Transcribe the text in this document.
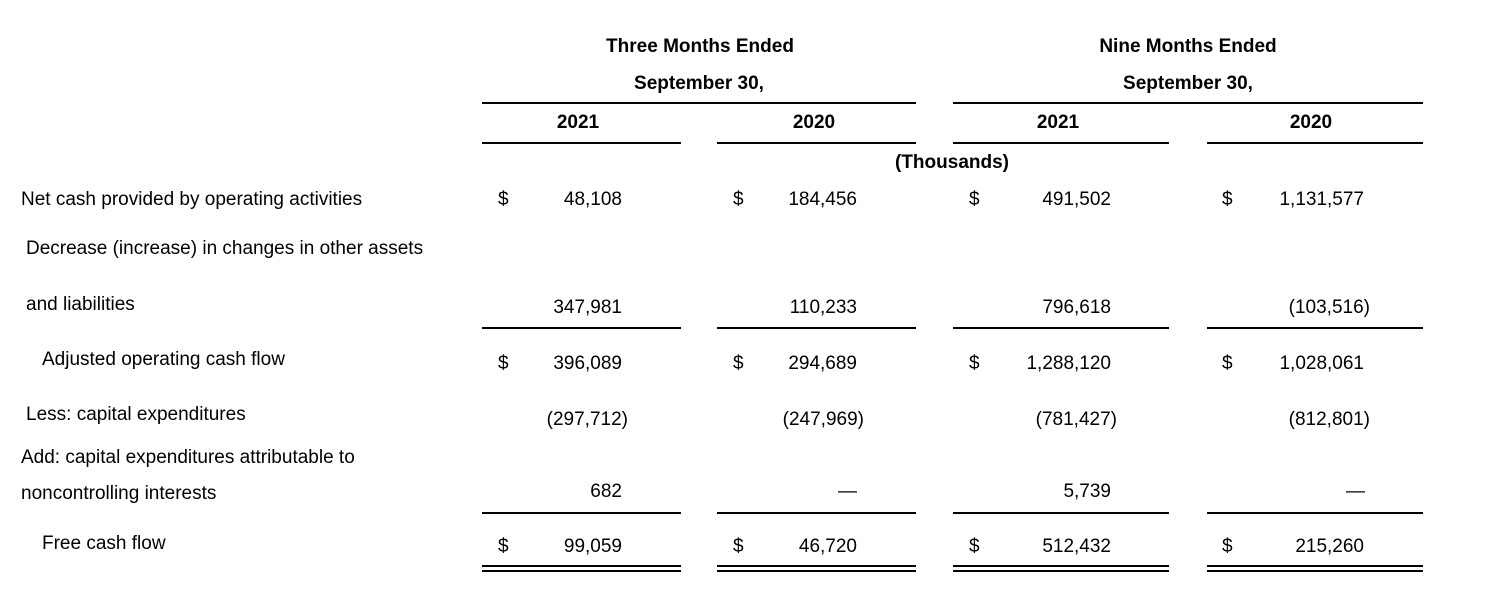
Three Months Ended	Nine Months Ended
September 30,	September 30,
2021	2020	2021	2020
(Thousands)
Net cash provided by operating activities	$	48,108	$ 184,456	$	491,502	$ 1,131,577
Decrease (increase) in changes in other assets
and liabilities	347,981	110,233	796,618	(103,516)
Adjusted operating cash flow	$ 396,089	$ 294,689	$ 1,288,120	$ 1,028,061
Less: capital expenditures	(297,712)	(247,969)	(781,427)	(812,801)
Add: capital expenditures attributable to
noncontrolling interests	682	—	5,739	—
Free cash flow	$	99,059	$	46,720	$	512,432	$	215,260
